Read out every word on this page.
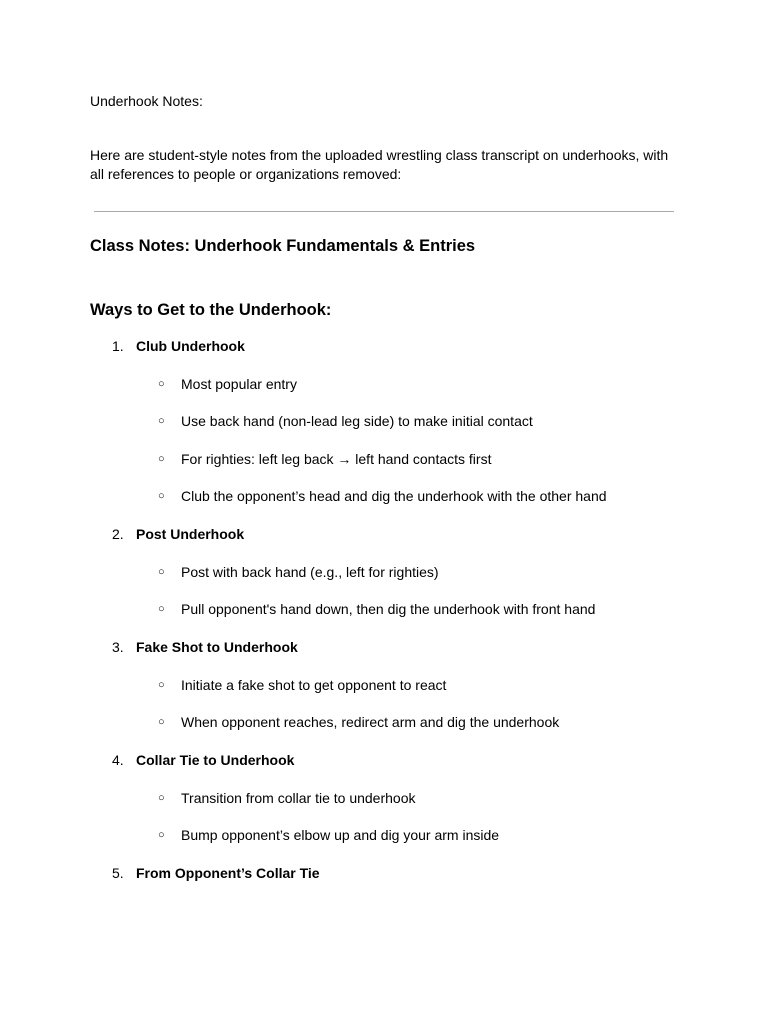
Underhook Notes:
Here are student-style notes from the uploaded wrestling class transcript on underhooks, with all references to people or organizations removed:
Class Notes: Underhook Fundamentals & Entries
Ways to Get to the Underhook:
1. Club Underhook
○ Most popular entry
○ Use back hand (non-lead leg side) to make initial contact
○ For righties: left leg back → left hand contacts first
○ Club the opponent’s head and dig the underhook with the other hand
2. Post Underhook
○ Post with back hand (e.g., left for righties)
○ Pull opponent's hand down, then dig the underhook with front hand
3. Fake Shot to Underhook
○ Initiate a fake shot to get opponent to react
○ When opponent reaches, redirect arm and dig the underhook
4. Collar Tie to Underhook
○ Transition from collar tie to underhook
○ Bump opponent’s elbow up and dig your arm inside
5. From Opponent’s Collar Tie
